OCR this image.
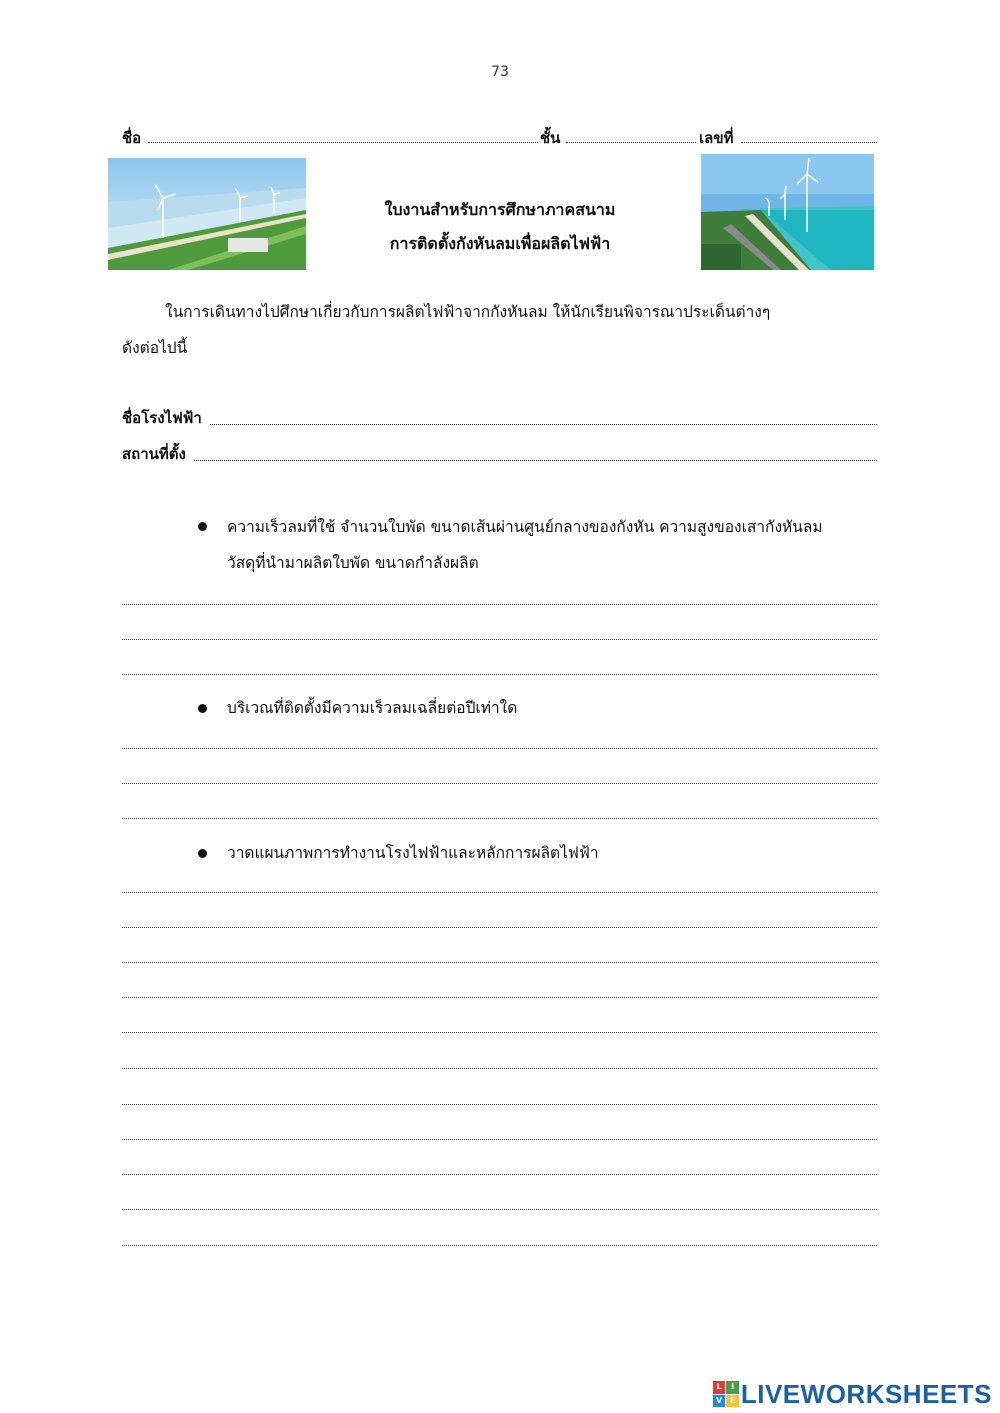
73
ชื่อ	ชั้น	เลขที่
ใบงานสำหรับการศึกษาภาคสนาม
การติดตั้งกังหันลมเพื่อผลิตไฟฟ้า
ในการเดินทางไปศึกษาเกี่ยวกับการผลิตไฟฟ้าจากกังหันลม ให้นักเรียนพิจารณาประเด็นต่างๆ
ดังต่อไปนี้
ชื่อโรงไฟฟ้า
สถานที่ตั้ง
ความเร็วลมที่ใช้ จำนวนใบพัด ขนาดเส้นผ่านศูนย์กลางของกังหัน ความสูงของเสากังหันลม
วัสดุที่นำมาผลิตใบพัด ขนาดกำลังผลิต
บริเวณที่ติดตั้งมีความเร็วลมเฉลี่ยต่อปีเท่าใด
วาดแผนภาพการทำงานโรงไฟฟ้าและหลักการผลิตไฟฟ้า
L	I
V E LIVEWORKSHEETS
